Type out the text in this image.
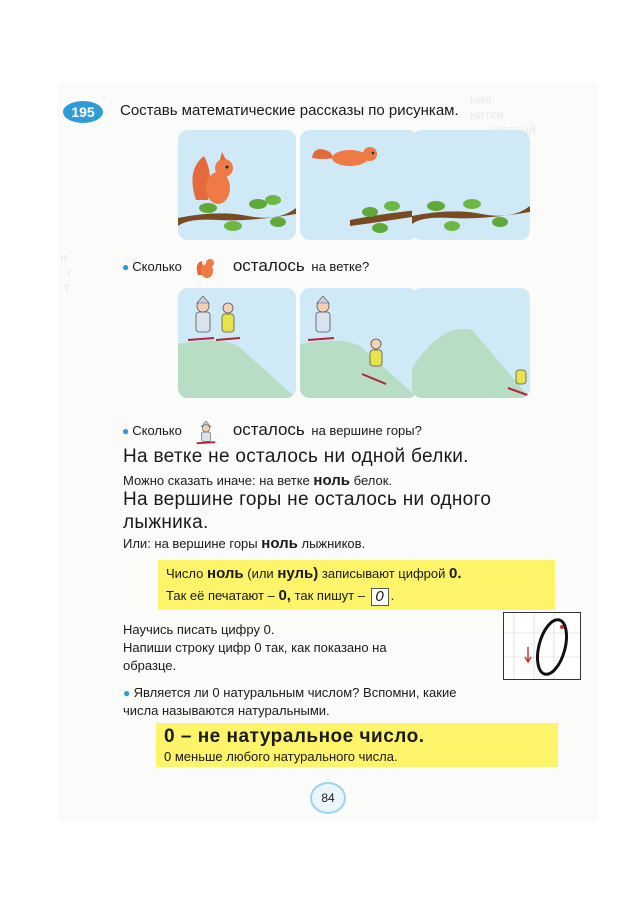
195	Составь математические рассказы по рисункам.
● Сколько	осталось на ветке?
● Сколько	осталось на вершине горы?
На ветке не осталось ни одной белки.
Можно сказать иначе: на ветке ноль белок.
На вершине горы не осталось ни одного
лыжника.
Или: на вершине горы ноль лыжников.
Число ноль (или нуль) записывают цифрой 0.
Так её печатают – 0, так пишут – 0 .
Научись писать цифру 0.
Напиши строку цифр 0 так, как показано на
образце.
● Является ли 0 натуральным числом? Вспомни, какие
числа называются натуральными.
0 – не натуральное число.
0 меньше любого натурального числа.
84
